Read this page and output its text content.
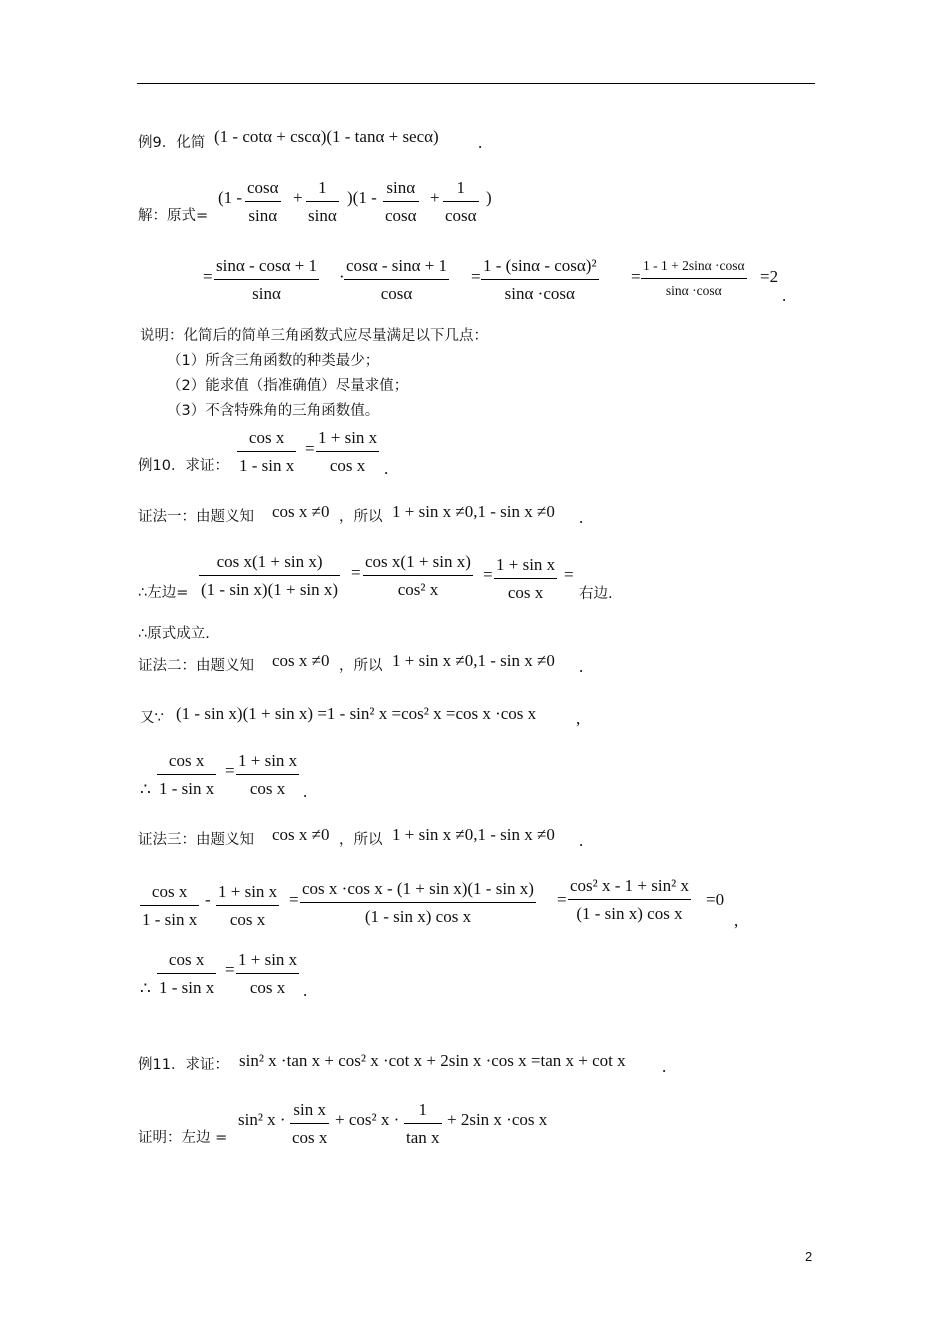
例9．化简 (1 - cotα + cscα)(1 - tanα + secα) .
解：原式=
(1 -
cosα
sinα
+
1
sinα
)(1 -
sinα
cosα
+
1
cosα
)
=
sinα - cosα + 1
sinα
·
cosα - sinα + 1
cosα
=
1 - (sinα - cosα)²
sinα ·cosα
=
1 - 1 + 2sinα ·cosα
sinα ·cosα
=2
.
说明：化简后的简单三角函数式应尽量满足以下几点：
（1）所含三角函数的种类最少；
（2）能求值（指准确值）尽量求值；
（3）不含特殊角的三角函数值。
例10．求证：
cos x
1 - sin x
=
1 + sin x
cos x	.
证法一：由题义知 cos x ≠0 ，所以 1 + sin x ≠0,1 - sin x ≠0 .
∴左边=
cos x(1 + sin x)
(1 - sin x)(1 + sin x)
=
cos x(1 + sin x)
cos² x
=
1 + sin x
cos x
=
右边.
∴原式成立.
证法二：由题义知 cos x ≠0 ，所以 1 + sin x ≠0,1 - sin x ≠0 .
又∵ (1 - sin x)(1 + sin x) =1 - sin² x =cos² x =cos x ·cos x ,
∴
cos x
1 - sin x
=
1 + sin x
cos x	.
证法三：由题义知 cos x ≠0 ，所以 1 + sin x ≠0,1 - sin x ≠0 .
cos x
1 - sin x
- 1 + sin x
cos x
=
cos x ·cos x - (1 + sin x)(1 - sin x)
(1 - sin x) cos x
=
cos² x - 1 + sin² x
(1 - sin x) cos x
=0
,
∴
cos x
1 - sin x
=
1 + sin x
cos x	.
例11．求证： sin² x ·tan x + cos² x ·cot x + 2sin x ·cos x =tan x + cot x .
证明：左边 =
sin² x ·
sin x
cos x
+ cos² x ·
1
tan x
+ 2sin x ·cos x
2
